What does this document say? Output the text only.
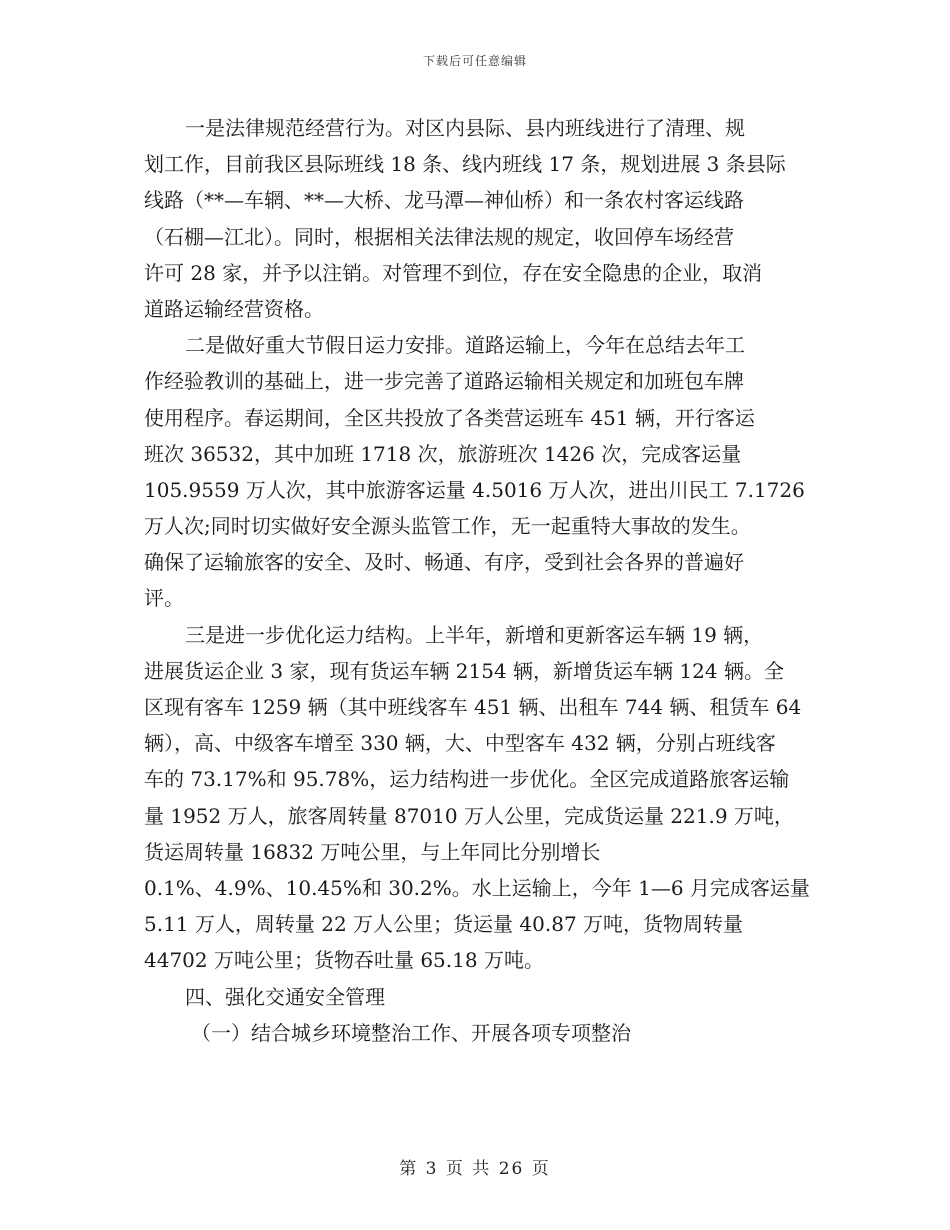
下载后可任意编辑
一是法律规范经营行为。对区内县际、县内班线进行了清理、规
划工作，目前我区县际班线 18 条、线内班线 17 条，规划进展 3 条县际
线路（**—车辋、**—大桥、龙马潭—神仙桥）和一条农村客运线路
（石棚—江北）。同时，根据相关法律法规的规定，收回停车场经营
许可 28 家，并予以注销。对管理不到位，存在安全隐患的企业，取消
道路运输经营资格。
二是做好重大节假日运力安排。道路运输上，今年在总结去年工
作经验教训的基础上，进一步完善了道路运输相关规定和加班包车牌
使用程序。春运期间，全区共投放了各类营运班车 451 辆，开行客运
班次 36532，其中加班 1718 次，旅游班次 1426 次，完成客运量
105.9559 万人次，其中旅游客运量 4.5016 万人次，进出川民工 7.1726
万人次;同时切实做好安全源头监管工作，无一起重特大事故的发生。
确保了运输旅客的安全、及时、畅通、有序，受到社会各界的普遍好
评。
三是进一步优化运力结构。上半年，新增和更新客运车辆 19 辆，
进展货运企业 3 家，现有货运车辆 2154 辆，新增货运车辆 124 辆。全
区现有客车 1259 辆（其中班线客车 451 辆、出租车 744 辆、租赁车 64
辆），高、中级客车增至 330 辆，大、中型客车 432 辆，分别占班线客
车的 73.17%和 95.78%，运力结构进一步优化。全区完成道路旅客运输
量 1952 万人，旅客周转量 87010 万人公里，完成货运量 221.9 万吨，
货运周转量 16832 万吨公里，与上年同比分别增长
0.1%、4.9%、10.45%和 30.2%。水上运输上，今年 1—6 月完成客运量
5.11 万人，周转量 22 万人公里；货运量 40.87 万吨，货物周转量
44702 万吨公里；货物吞吐量 65.18 万吨。
四、强化交通安全管理
（一）结合城乡环境整治工作、开展各项专项整治
第 3 页 共 26 页
